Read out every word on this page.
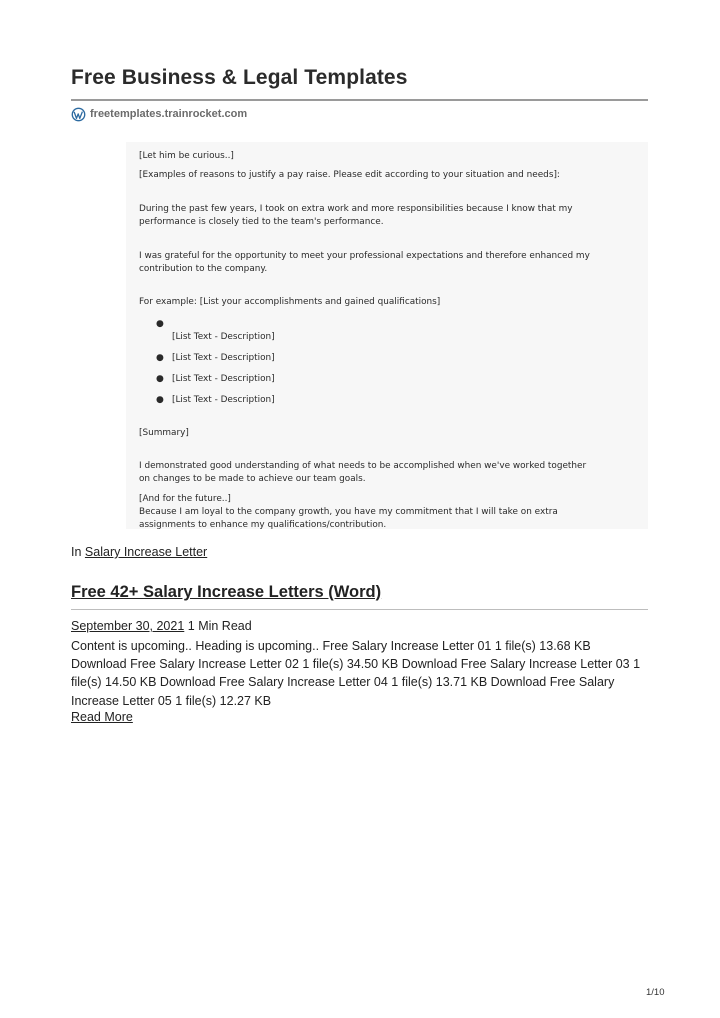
Free Business & Legal Templates
freetemplates.trainrocket.com

[Let him be curious..]

[Examples of reasons to justify a pay raise. Please edit according to your situation and needs]:

During the past few years, I took on extra work and more responsibilities because I know that my

performance is closely tied to the team's performance.

I was grateful for the opportunity to meet your professional expectations and therefore enhanced my

contribution to the company.

For example: [List your accomplishments and gained qualifications]

●
[List Text - Description]
● [List Text - Description]
● [List Text - Description]
● [List Text - Description]

[Summary]

I demonstrated good understanding of what needs to be accomplished when we've worked together

on changes to be made to achieve our team goals.

[And for the future..]

Because I am loyal to the company growth, you have my commitment that I will take on extra

assignments to enhance my qualifications/contribution.

In Salary Increase Letter
Free 42+ Salary Increase Letters (Word)
September 30, 2021 1 Min Read

Content is upcoming.. Heading is upcoming.. Free Salary Increase Letter 01 1 file(s) 13.68 KB Download Free Salary Increase Letter 02 1 file(s) 34.50 KB Download Free Salary Increase Letter 03 1 file(s) 14.50 KB Download Free Salary Increase Letter 04 1 file(s) 13.71 KB Download Free Salary Increase Letter 05 1 file(s) 12.27 KB

Read More
1/10
